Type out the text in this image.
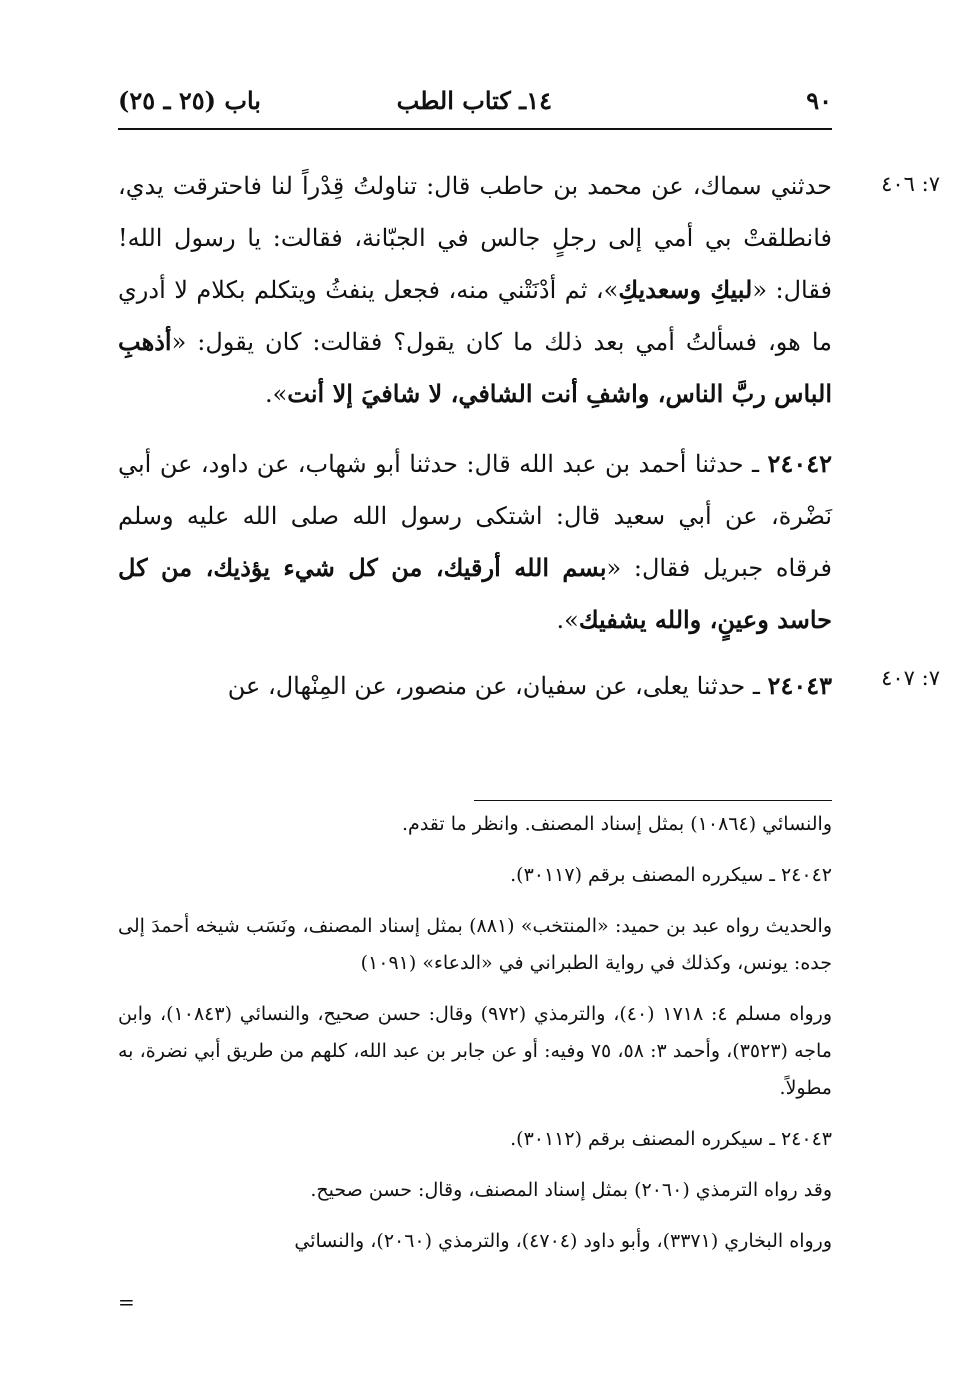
٩٠
١٤ـ كتاب الطب
باب (٢٥ ـ ٢٥)
٧: ٤٠٦
٧: ٤٠٧

حدثني سماك، عن محمد بن حاطب قال: تناولتُ قِدْراً لنا فاحترقت يدي، فانطلقتْ بي أمي إلى رجلٍ جالس في الجبّانة، فقالت: يا رسول الله! فقال: «لبيكِ وسعديكِ»، ثم أدْنَتْني منه، فجعل ينفثُ ويتكلم بكلام لا أدري ما هو، فسألتُ أمي بعد ذلك ما كان يقول؟ فقالت: كان يقول: «أذهبِ الباس ربَّ الناس، واشفِ أنت الشافي، لا شافيَ إلا أنت».

٢٤٠٤٢ ـ حدثنا أحمد بن عبد الله قال: حدثنا أبو شهاب، عن داود، عن أبي نَضْرة، عن أبي سعيد قال: اشتكى رسول الله صلى الله عليه وسلم فرقاه جبريل فقال: «بسم الله أرقيك، من كل شيء يؤذيك، من كل حاسد وعينٍ، والله يشفيك».

٢٤٠٤٣ ـ حدثنا يعلى، عن سفيان، عن منصور، عن المِنْهال، عن

والنسائي (١٠٨٦٤) بمثل إسناد المصنف. وانظر ما تقدم.

٢٤٠٤٢ ـ سيكرره المصنف برقم (٣٠١١٧).

والحديث رواه عبد بن حميد: «المنتخب» (٨٨١) بمثل إسناد المصنف، ونَسَب شيخه أحمدَ إلى جده: يونس، وكذلك في رواية الطبراني في «الدعاء» (١٠٩١)

ورواه مسلم ٤: ١٧١٨ (٤٠)، والترمذي (٩٧٢) وقال: حسن صحيح، والنسائي (١٠٨٤٣)، وابن ماجه (٣٥٢٣)، وأحمد ٣: ٥٨، ٧٥ وفيه: أو عن جابر بن عبد الله، كلهم من طريق أبي نضرة، به مطولاً.

٢٤٠٤٣ ـ سيكرره المصنف برقم (٣٠١١٢).

وقد رواه الترمذي (٢٠٦٠) بمثل إسناد المصنف، وقال: حسن صحيح.

ورواه البخاري (٣٣٧١)، وأبو داود (٤٧٠٤)، والترمذي (٢٠٦٠)، والنسائي

=
